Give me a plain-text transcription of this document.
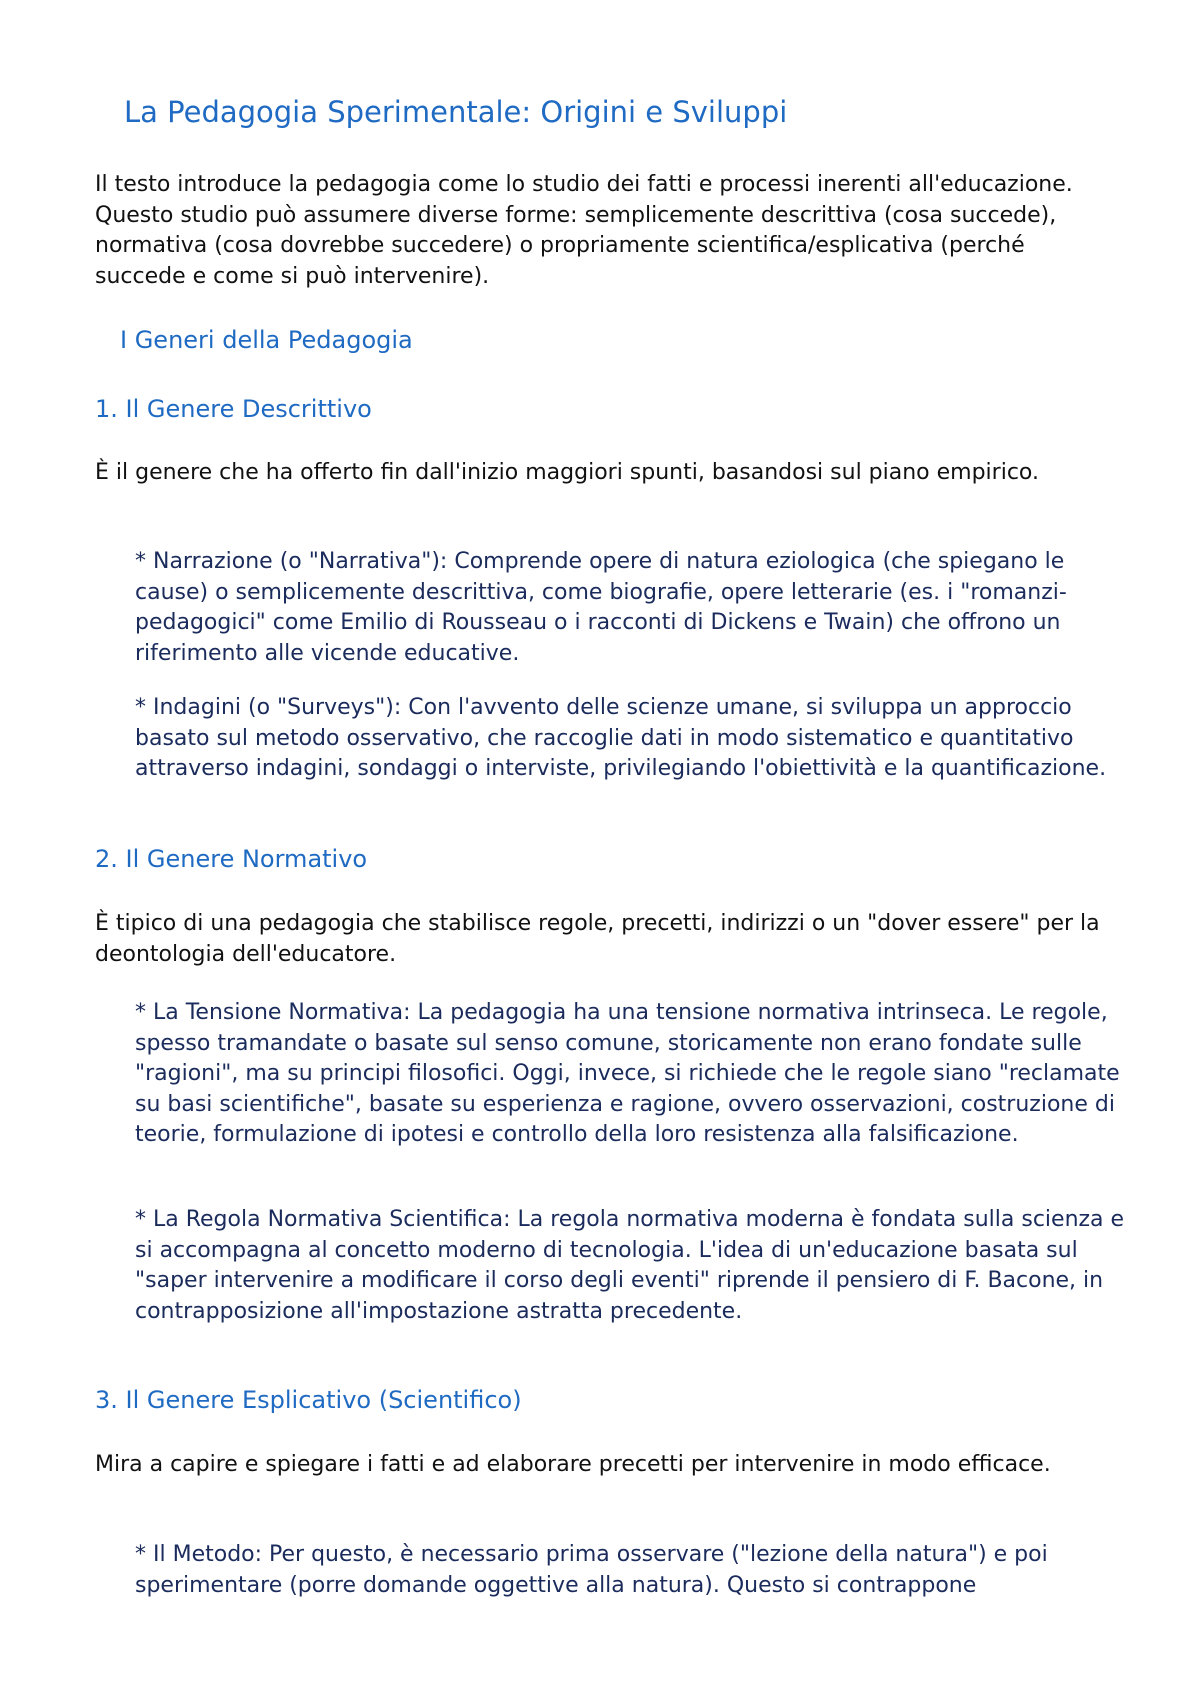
La Pedagogia Sperimentale: Origini e Sviluppi

Il testo introduce la pedagogia come lo studio dei fatti e processi inerenti all'educazione. Questo studio può assumere diverse forme: semplicemente descrittiva (cosa succede), normativa (cosa dovrebbe succedere) o propriamente scientifica/esplicativa (perché succede e come si può intervenire).

I Generi della Pedagogia
1. Il Genere Descrittivo

È il genere che ha offerto fin dall'inizio maggiori spunti, basandosi sul piano empirico.

* Narrazione (o "Narrativa"): Comprende opere di natura eziologica (che spiegano le cause) o semplicemente descrittiva, come biografie, opere letterarie (es. i "romanzi-pedagogici" come Emilio di Rousseau o i racconti di Dickens e Twain) che offrono un riferimento alle vicende educative.

* Indagini (o "Surveys"): Con l'avvento delle scienze umane, si sviluppa un approccio basato sul metodo osservativo, che raccoglie dati in modo sistematico e quantitativo attraverso indagini, sondaggi o interviste, privilegiando l'obiettività e la quantificazione.

2. Il Genere Normativo

È tipico di una pedagogia che stabilisce regole, precetti, indirizzi o un "dover essere" per la deontologia dell'educatore.

* La Tensione Normativa: La pedagogia ha una tensione normativa intrinseca. Le regole, spesso tramandate o basate sul senso comune, storicamente non erano fondate sulle "ragioni", ma su principi filosofici. Oggi, invece, si richiede che le regole siano "reclamate su basi scientifiche", basate su esperienza e ragione, ovvero osservazioni, costruzione di teorie, formulazione di ipotesi e controllo della loro resistenza alla falsificazione.

* La Regola Normativa Scientifica: La regola normativa moderna è fondata sulla scienza e si accompagna al concetto moderno di tecnologia. L'idea di un'educazione basata sul "saper intervenire a modificare il corso degli eventi" riprende il pensiero di F. Bacone, in contrapposizione all'impostazione astratta precedente.

3. Il Genere Esplicativo (Scientifico)

Mira a capire e spiegare i fatti e ad elaborare precetti per intervenire in modo efficace.

* Il Metodo: Per questo, è necessario prima osservare ("lezione della natura") e poi sperimentare (porre domande oggettive alla natura). Questo si contrappone
